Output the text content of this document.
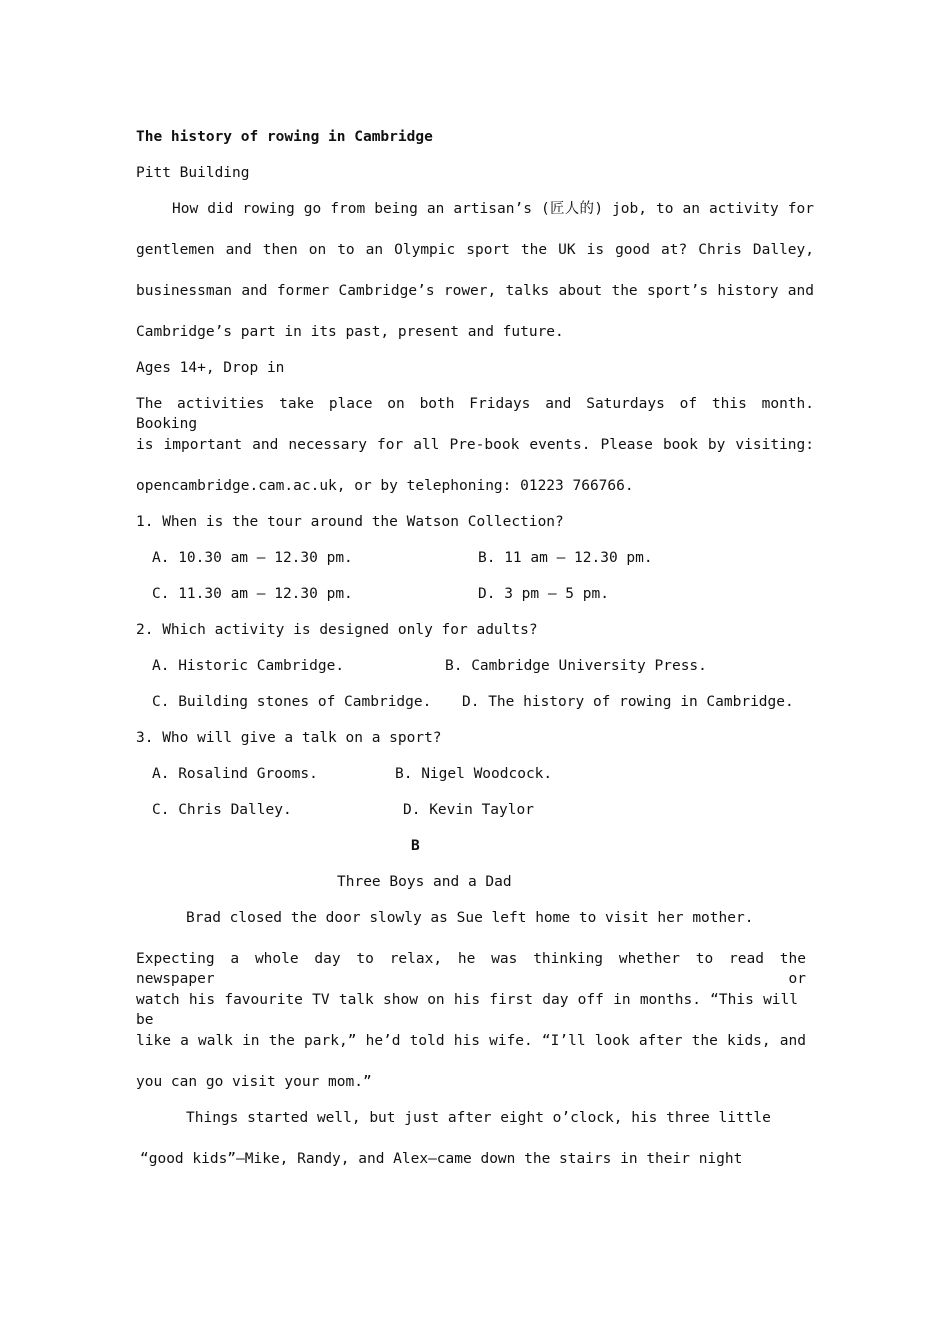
The history of rowing in Cambridge
Pitt Building
How did rowing go from being an artisan’s (匠人的) job, to an activity for
gentlemen and then on to an Olympic sport the UK is good at? Chris Dalley,
businessman and former Cambridge’s rower, talks about the sport’s history and
Cambridge’s part in its past, present and future.
Ages 14+, Drop in
The activities take place on both Fridays and Saturdays of this month. Booking
is important and necessary for all Pre-book events. Please book by visiting:
opencambridge.cam.ac.uk, or by telephoning: 01223 766766.
1. When is the tour around the Watson Collection?
A. 10.30 am – 12.30 pm.	B. 11 am – 12.30 pm.
C. 11.30 am – 12.30 pm.	D. 3 pm – 5 pm.
2. Which activity is designed only for adults?
A. Historic Cambridge.	B. Cambridge University Press.
C. Building stones of Cambridge. D. The history of rowing in Cambridge.
3. Who will give a talk on a sport?
A. Rosalind Grooms.	B. Nigel Woodcock.
C. Chris Dalley.	D. Kevin Taylor
B
Three Boys and a Dad
Brad closed the door slowly as Sue left home to visit her mother.
Expecting a whole day to relax, he was thinking whether to read the newspaper or
watch his favourite TV talk show on his first day off in months. “This will be
like a walk in the park,” he’d told his wife. “I’ll look after the kids, and
you can go visit your mom.”
Things started well, but just after eight o’clock, his three little
“good kids”—Mike, Randy, and Alex—came down the stairs in their night
